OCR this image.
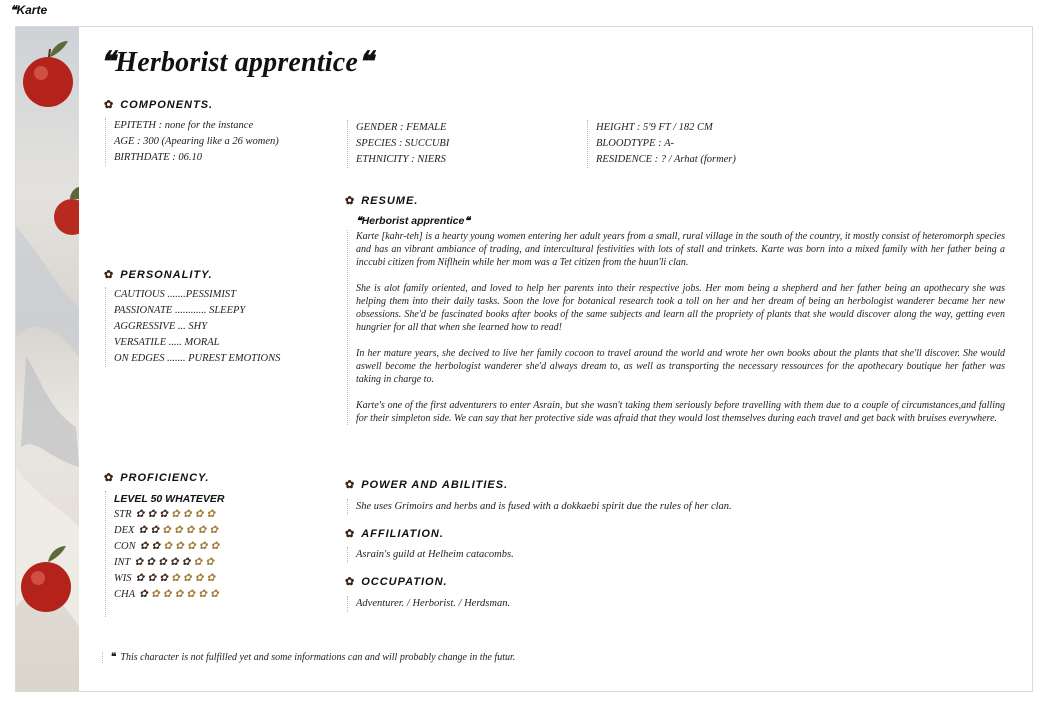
❝Karte
❝Herborist apprentice❝
✿ COMPONENTS.
EPITETH : none for the instance
AGE : 300 (Apearing like a 26 women)
BIRTHDATE : 06.10
GENDER : FEMALE
SPECIES : SUCCUBI
ETHNICITY : NIERS
HEIGHT : 5'9 FT / 182 CM
BLOODTYPE : A-
RESIDENCE : ? / Arhat (former)
✿ RESUME.
❝Herborist apprentice❝

Karte [kahr-teh] is a hearty young women entering her adult years from a small, rural village in the south of the country, it mostly consist of heteromorph species and has an vibrant ambiance of trading, and intercultural festivities with lots of stall and trinkets. Karte was born into a mixed family with her father being a inccubi citizen from Niflhein while her mom was a Tet citizen from the huun'li clan.

She is alot family oriented, and loved to help her parents into their respective jobs. Her mom being a shepherd and her father being an apothecary she was helping them into their daily tasks. Soon the love for botanical research took a toll on her and her dream of being an herbologist wanderer became her new obsessions. She'd be fascinated books after books of the same subjects and learn all the propriety of plants that she would discover along the way, getting even hungrier for all that when she learned how to read!

In her mature years, she decived to live her family cocoon to travel around the world and wrote her own books about the plants that she'll discover. She would aswell become the herbologist wanderer she'd always dream to, as well as transporting the necessary ressources for the apothecary boutique her father was taking in charge to.

Karte's one of the first adventurers to enter Asrain, but she wasn't taking them seriously before travelling with them due to a couple of circumstances,and falling for their simpleton side. We can say that her protective side was afraid that they would lost themselves during each travel and get back with bruises everywhere.

✿ PERSONALITY.
CAUTIOUS .......PESSIMIST
PASSIONATE ............ SLEEPY
AGGRESSIVE ... SHY
VERSATILE ..... MORAL
ON EDGES ....... PUREST EMOTIONS
✿ PROFICIENCY.
LEVEL 50 WHATEVER
STR ✿✿✿✿✿✿✿
DEX ✿✿✿✿✿✿✿
CON ✿✿✿✿✿✿✿
INT ✿✿✿✿✿✿✿
WIS ✿✿✿✿✿✿✿
CHA ✿✿✿✿✿✿✿
✿ POWER AND ABILITIES.
She uses Grimoirs and herbs and is fused with a dokkaebi spirit due the rules of her clan.
✿ AFFILIATION.
Asrain's guild at Helheim catacombs.
✿ OCCUPATION.
Adventurer. / Herborist. / Herdsman.
❝ This character is not fulfilled yet and some informations can and will probably change in the futur.
